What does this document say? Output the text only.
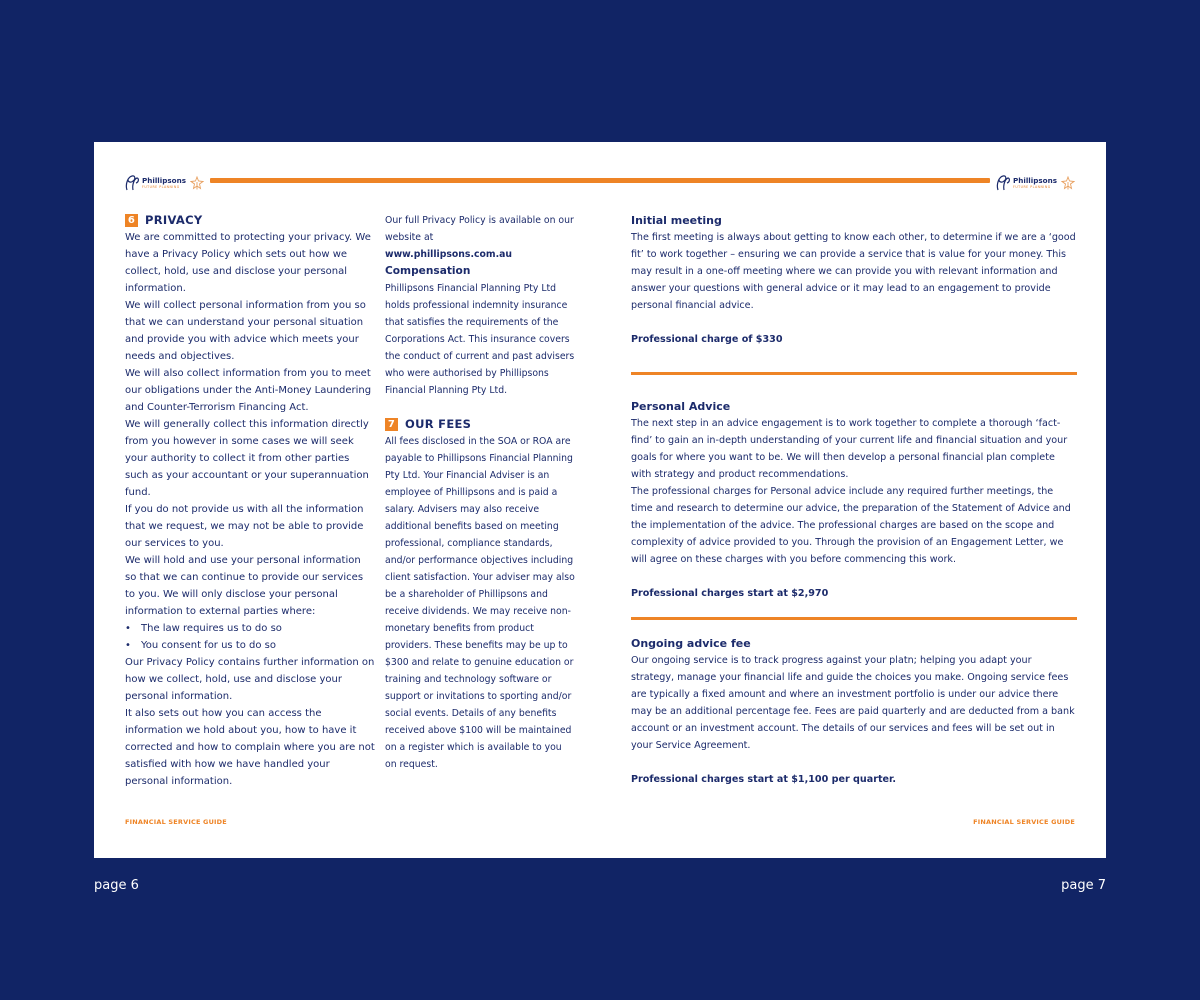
Phillipsons
FUTURE PLANNING
Phillipsons
FUTURE PLANNING
6 PRIVACY

We are committed to protecting your privacy. We have a Privacy Policy which sets out how we collect, hold, use and disclose your personal information.

We will collect personal information from you so that we can understand your personal situation and provide you with advice which meets your needs and objectives.

We will also collect information from you to meet our obligations under the Anti-Money Laundering and Counter-Terrorism Financing Act.

We will generally collect this information directly from you however in some cases we will seek your authority to collect it from other parties such as your accountant or your superannuation fund.

If you do not provide us with all the information that we request, we may not be able to provide our services to you.

We will hold and use your personal information so that we can continue to provide our services to you. We will only disclose your personal information to external parties where:

• The law requires us to do so
• You consent for us to do so

Our Privacy Policy contains further information on how we collect, hold, use and disclose your personal information.

It also sets out how you can access the information we hold about you, how to have it corrected and how to complain where you are not satisfied with how we have handled your personal information.

Our full Privacy Policy is available on our website at

www.phillipsons.com.au

Compensation

Phillipsons Financial Planning Pty Ltd holds professional indemnity insurance that satisfies the requirements of the Corporations Act. This insurance covers the conduct of current and past advisers who were authorised by Phillipsons Financial Planning Pty Ltd.

7 OUR FEES

All fees disclosed in the SOA or ROA are payable to Phillipsons Financial Planning Pty Ltd. Your Financial Adviser is an employee of Phillipsons and is paid a salary. Advisers may also receive additional benefits based on meeting professional, compliance standards, and/or performance objectives including client satisfaction. Your adviser may also be a shareholder of Phillipsons and receive dividends. We may receive non-monetary benefits from product providers. These benefits may be up to $300 and relate to genuine education or training and technology software or support or invitations to sporting and/or social events. Details of any benefits received above $100 will be maintained on a register which is available to you on request.

Initial meeting

The first meeting is always about getting to know each other, to determine if we are a ‘good fit’ to work together – ensuring we can provide a service that is value for your money. This may result in a one-off meeting where we can provide you with relevant information and answer your questions with general advice or it may lead to an engagement to provide personal financial advice.

Professional charge of $330

Personal Advice

The next step in an advice engagement is to work together to complete a thorough ‘fact-find’ to gain an in-depth understanding of your current life and financial situation and your goals for where you want to be. We will then develop a personal financial plan complete with strategy and product recommendations.

The professional charges for Personal advice include any required further meetings, the time and research to determine our advice, the preparation of the Statement of Advice and the implementation of the advice. The professional charges are based on the scope and complexity of advice provided to you. Through the provision of an Engagement Letter, we will agree on these charges with you before commencing this work.

Professional charges start at $2,970

Ongoing advice fee

Our ongoing service is to track progress against your platn; helping you adapt your strategy, manage your financial life and guide the choices you make. Ongoing service fees are typically a fixed amount and where an investment portfolio is under our advice there may be an additional percentage fee. Fees are paid quarterly and are deducted from a bank account or an investment account. The details of our services and fees will be set out in your Service Agreement.

Professional charges start at $1,100 per quarter.

FINANCIAL SERVICE GUIDE	FINANCIAL SERVICE GUIDE
page 6	page 7
